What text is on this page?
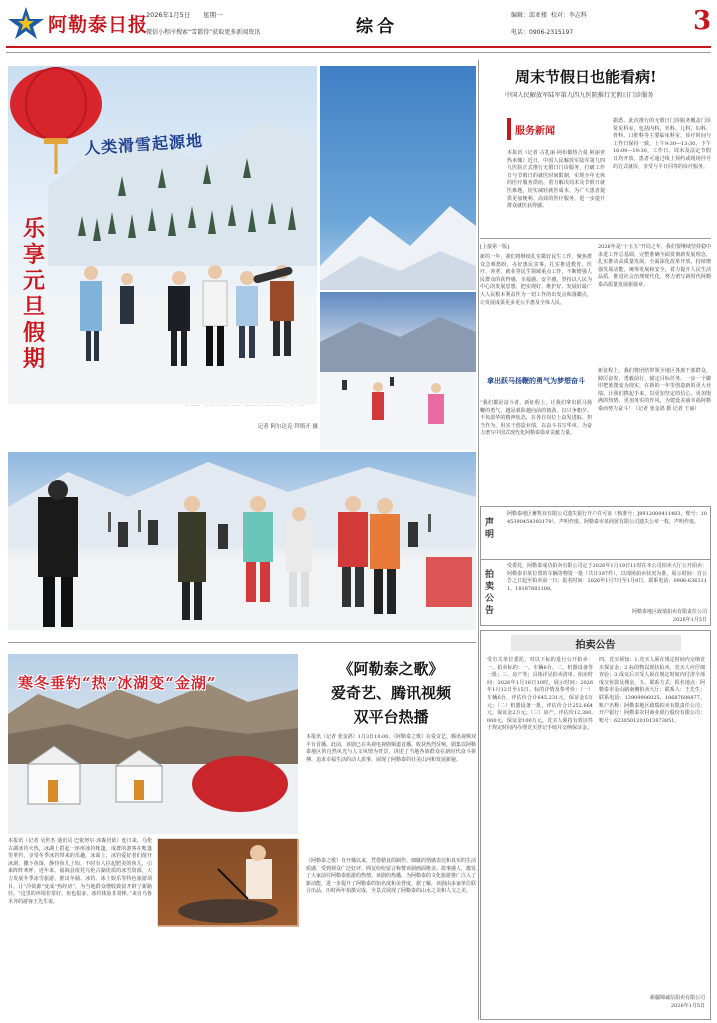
阿勒泰日报
2026年1月5日 星期一
微信小程序搜索“雪都得”获取更多新闻资讯	综合
编辑：邱亚楼 校对：李志科
电话：0906-2315197	3
人类滑雪起源地
乐享元旦假期
记者 阿尔达克·拜斯开 摄
周末节假日也能看病!
中国人民解放军陆军第九四九医院推行无假日门诊服务
服务新闻
本报讯（记者 古扎丽·阿布都热合曼 阿丽亚 热米娜）近日，中国人民解放军陆军第九四九医院正式推行无假日门诊服务，打破工作日与节假日的就医时间限制，实现全年无休的医疗服务供给，着力解决周末及节假日就医难题，切实减轻就医成本，为广大患者提供更加便利、高效的医疗服务，进一步提升群众就医获得感。
据悉，此次推行的无假日门诊服务覆盖门诊常见科室，包括内科、外科、儿科、妇科、骨科、口腔科等主要临床科室，诊疗时间与工作日保持一致，上午9:30—13:30，下午16:00—19:30，工作日、周末及法定节假日均开放。患者可通过线上预约或现场挂号的方式就诊，享受与平日同等的诊疗服务。
[上接第一版]
新的一年，我们将继续扎实做好民生工作，聚焦群众急难愁盼，办好惠民实事。扎实推进教育、医疗、养老、就业等民生领域重点工作，不断增强人民群众的获得感、幸福感、安全感。坚持以人民为中心的发展思想，把实现好、维护好、发展好最广大人民根本利益作为一切工作的出发点和落脚点，让发展成果更多更公平惠及全体人民。
拿出跃马扬鞭的勇气为梦想奋斗
“我们都是奋斗者，新征程上，让我们拿出跃马扬鞭的勇气、越是艰险越向前的韧劲，以只争朝夕、不负韶华的精神状态，在各自岗位上奋发进取、担当作为，用实干创造业绩，以奋斗书写华章，为奋力谱写中国式现代化阿勒泰篇章贡献力量。
2026年是“十五五”开局之年，我们要继续坚持稳中求进工作总基调，完整准确全面贯彻新发展理念，扎实推动高质量发展，全面深化改革开放，持续增强发展动能，统筹发展和安全，着力提升人民生活品质，推进社会治理现代化，努力谱写新时代阿勒泰高质量发展新篇章。
新征程上，我们将团结带领全地区各族干部群众，踔厉奋发、勇毅前行，锚定目标任务，一步一个脚印把蓝图变为现实，在新的一年里创造新的更大业绩。让我们携起手来，以更加坚定的信心、更加饱满的热情、更加务实的作风，为建设美丽幸福阿勒泰而努力奋斗！（记者 张金鸽 摄 记者 王丽）
声明
阿勒泰地区畜牧业有限公司遗失银行开户许可证（核准号：J8912000411403，账号：1045390454393179），声明作废。阿勒泰市某商贸有限公司遗失公章一枚，声明作废。
拍卖公告
受委托，阿勒泰成功拍卖有限公司定于2026年1月19日11时在本公司拍卖大厅公开拍卖：阿勒泰市某位置的车辆等物资一批（共计397件），以现场拍卖状况为准。展示时间：自公告之日起至拍卖前一日；报名时间：2026年1月7日至1月9日。联系电话：0906-6363111、18187681108。
阿勒泰地区政瑞拍卖有限责任公司
2026年1月5日
拍卖公告
受有关单位委托，对以下标的进行公开拍卖：一、拍卖标的：一、车辆6台、二、机器设备等一批；三、房产等；具体详见拍卖清单。拍卖时间：2026年1月16日10时。展示时间：2026年1月12日至15日。标的详情及参考价：（一）车辆6台，评估价合计645,231元，保证金5万元；（二）机器设备一批，评估价合计252,664元，保证金2万元；（三）房产，评估价12,380,000元，保证金100万元。竞买人须持有效证件于规定时间内办理竞买登记手续并交纳保证金。
四、竞买须知：1.竞买人须在规定时间内交纳竞买保证金；2.标的物以现状拍卖，竞买人应仔细查验；3.成交后买受人须在规定时间内付清全部成交价款及佣金。五、联系方式：报名地点：阿勒泰市金山路南侧拍卖大厅；联系人：王先生；联系电话：13909906025、18687688877。账户名称：阿勒泰地区政瑞拍卖有限责任公司；开户银行：阿勒泰农村商业银行股份有限公司；账号：6230501201013873851。
新疆锦诚信拍卖有限公司
2026年1月5日
寒冬垂钓“热”冰湖变“金湖”
本报讯（记者 吴世杰 通讯员 巴依努尔·沐森居依）连日来，乌伦古湖冰钓火热，冰湖上搭起一座座冰钓帐篷，成群的游客在帐篷里垂钓，享受冬季冰钓带来的乐趣。冰面上，冰钓爱好者们凿开冰洞，撒下鱼饵，静待鱼儿上钩，不时有人拉起肥美的鱼儿，引来阵阵欢呼。近年来，福海县依托乌伦古湖优质的冰雪资源，大力发展冬季冰雪旅游，推出冬捕、冰钓、冰上娱乐等特色旅游项目，让“冷资源”变成“热经济”，为当地群众增收致富开辟了新路径。“这里的环境非常好，鱼也很多，冰钓体验非常棒。”来自乌鲁木齐的游客王先生说。
《阿勒泰之歌》
爱奇艺、腾讯视频
双平台热播
本报讯（记者 张金鸽）1月3日10:00，《阿勒泰之歌》在爱奇艺、腾讯视频双平台首播。此前，该剧已在央视电视剧频道首播，收获热烈反响。剧集以阿勒泰地区的自然风光与人文风情为背景，讲述了当地各族群众在新时代奋斗拼搏、追求幸福生活的动人故事，展现了阿勒泰的壮美山河和发展新貌。
《阿勒泰之歌》自开播以来，凭借精良的制作、细腻的情感表达和真实的生活质感，受到观众广泛好评。网友纷纷留言称赞该剧画面唯美、故事感人，激发了大家前往阿勒泰旅游的热情。该剧的热播，为阿勒泰的文化旅游推广注入了新动能，进一步提升了阿勒泰的知名度和美誉度。据了解，该剧由多家单位联合出品，历时两年拍摄完成，全景式展现了阿勒泰的山水之美和人文之美。
